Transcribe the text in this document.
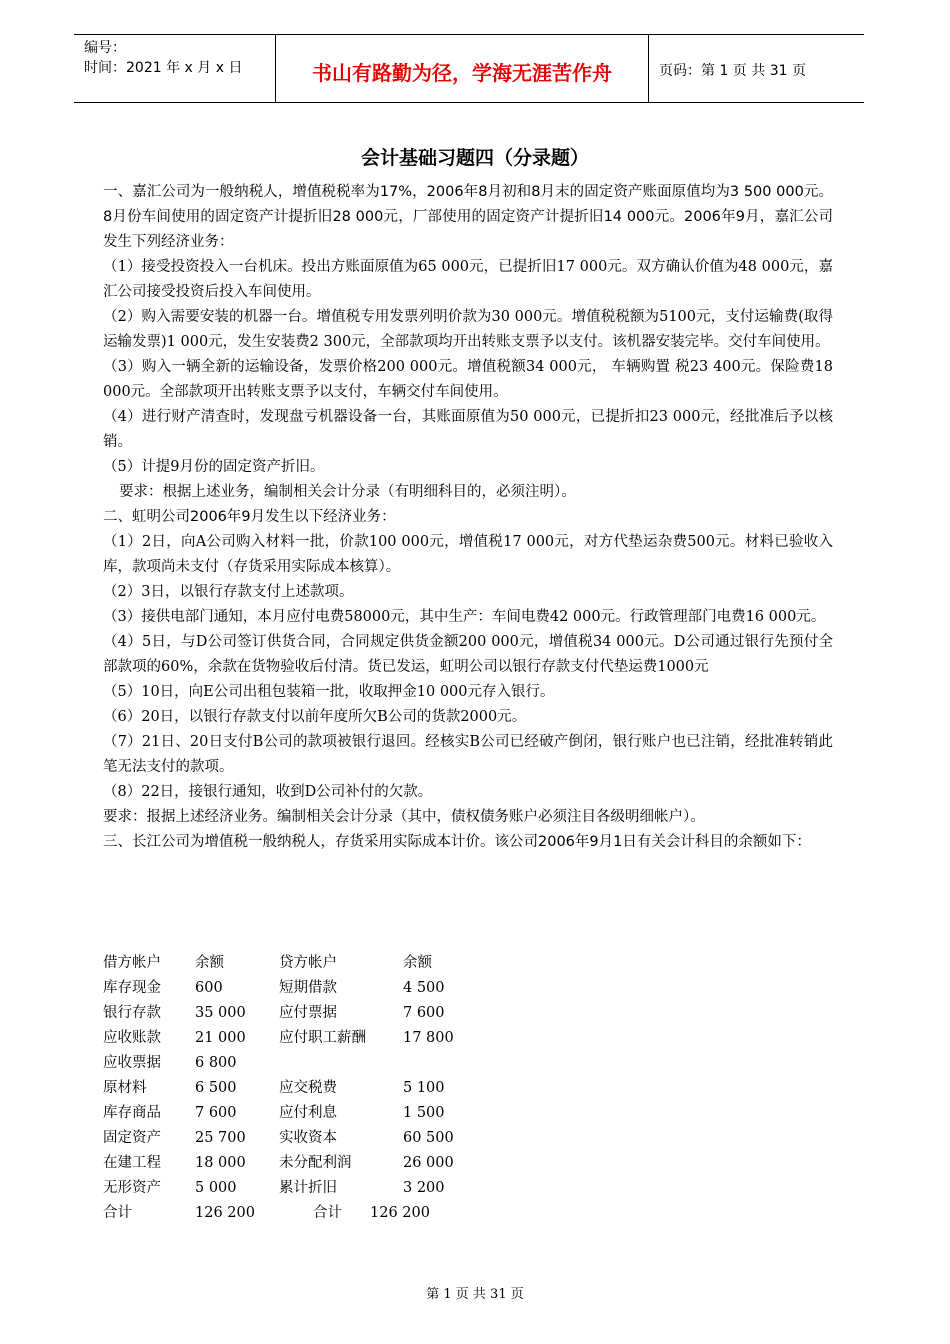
编号：
时间：2021 年 x 月 x 日	书山有路勤为径，学海无涯苦作舟	页码：第 1 页 共 31 页
会计基础习题四（分录题）

一、嘉汇公司为一般纳税人，增值税税率为17%，2006年8月初和8月末的固定资产账面原值均为3 500 000元。8月份车间使用的固定资产计提折旧28 000元，厂部使用的固定资产计提折旧14 000元。2006年9月，嘉汇公司发生下列经济业务：

（1）接受投资投入一台机床。投出方账面原值为65 000元，已提折旧17 000元。双方确认价值为48 000元，嘉汇公司接受投资后投入车间使用。

（2）购入需要安装的机器一台。增值税专用发票列明价款为30 000元。增值税税额为5100元，支付运输费(取得运输发票)1 000元，发生安装费2 300元，全部款项均开出转账支票予以支付。该机器安装完毕。交付车间使用。

（3）购入一辆全新的运输设备，发票价格200 000元。增值税额34 000元， 车辆购置 税23 400元。保险费18 000元。全部款项开出转账支票予以支付，车辆交付车间使用。

（4）进行财产清查时，发现盘亏机器设备一台，其账面原值为50 000元，已提折扣23 000元，经批准后予以核销。

（5）计提9月份的固定资产折旧。

要求：根据上述业务，编制相关会计分录（有明细科目的，必须注明）。

二、虹明公司2006年9月发生以下经济业务：

（1）2日，向A公司购入材料一批，价款100 000元，增值税17 000元，对方代垫运杂费500元。材料已验收入库，款项尚未支付（存货采用实际成本核算）。

（2）3日，以银行存款支付上述款项。

（3）接供电部门通知，本月应付电费58000元，其中生产：车间电费42 000元。行政管理部门电费16 000元。

（4）5日，与D公司签订供货合同，合同规定供货金额200 000元，增值税34 000元。D公司通过银行先预付全部款项的60%，余款在货物验收后付清。货已发运，虹明公司以银行存款支付代垫运费1000元

（5）10日，向E公司出租包装箱一批，收取押金10 000元存入银行。

（6）20日，以银行存款支付以前年度所欠B公司的货款2000元。

（7）21日、20日支付B公司的款项被银行退回。经核实B公司已经破产倒闭，银行账户也已注销，经批准转销此笔无法支付的款项。

（8）22日，接银行通知，收到D公司补付的欠款。

要求：报据上述经济业务。编制相关会计分录（其中，债权债务账户必须注目各级明细帐户）。

三、长江公司为增值税一般纳税人，存货采用实际成本计价。该公司2006年9月1日有关会计科目的余额如下：

借方帐户 余额	贷方帐户	余额
库存现金 600	短期借款	4 500
银行存款 35 000 应付票据	7 600
应收账款 21 000 应付职工薪酬	17 800
应收票据 6 800
原材料	6 500	应交税费	5 100
库存商品 7 600	应付利息	1 500
固定资产 25 700 实收资本	60 500
在建工程 18 000 未分配利润	26 000
无形资产 5 000	累计折旧	3 200
合计	126 200	合计 126 200
第 1 页 共 31 页
